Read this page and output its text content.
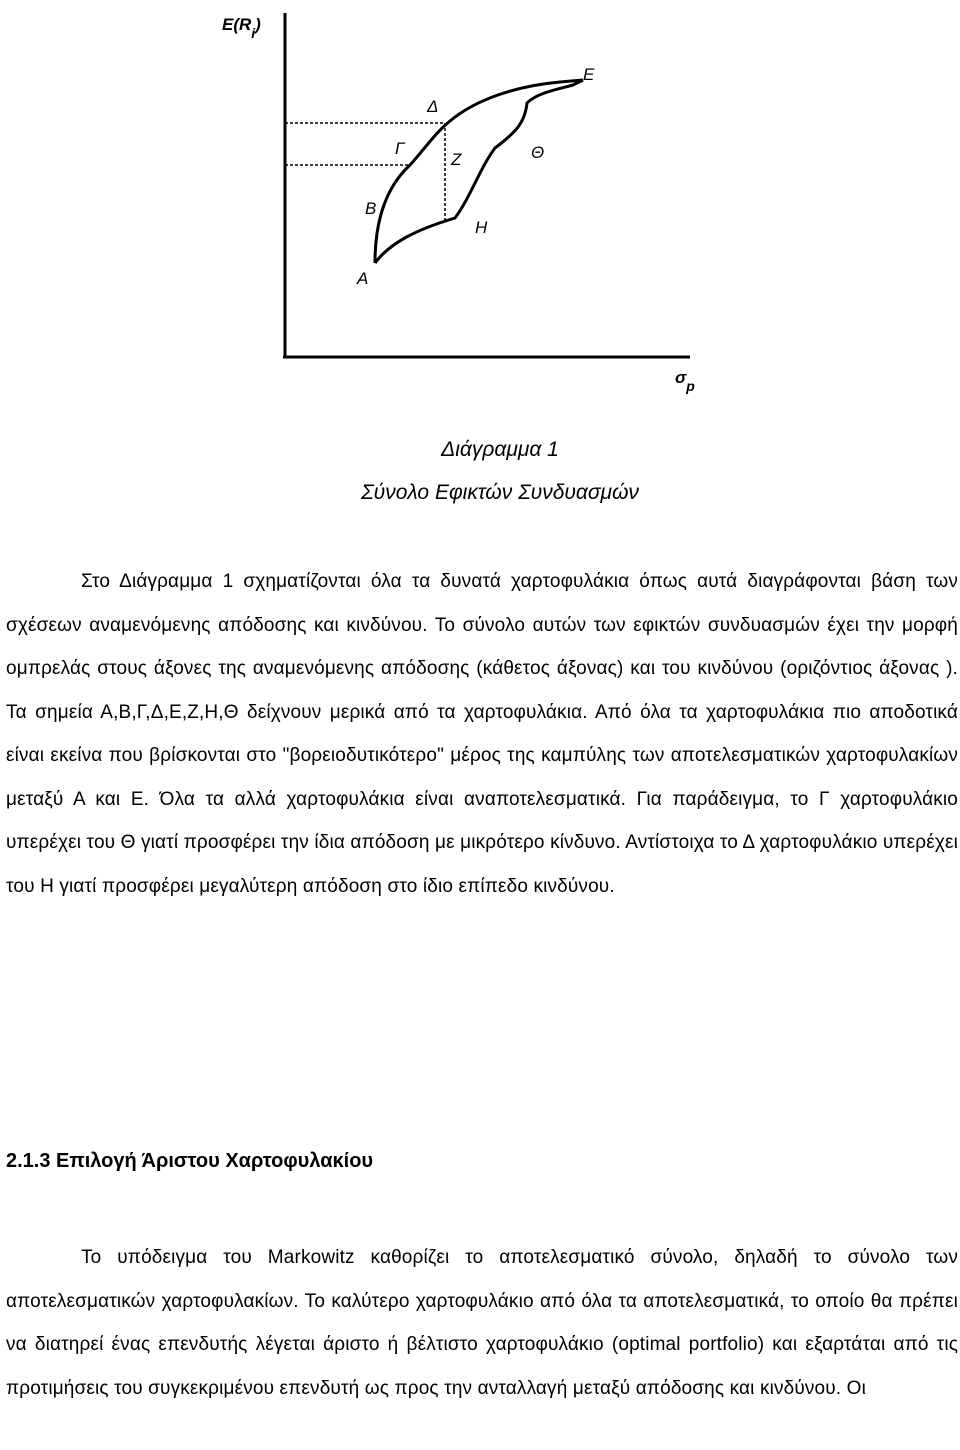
$E(R_i)$
$\sigma_p$
A
B
Γ
Δ
E
Z
H
Θ
Διάγραμμα 1
Σύνολο Εφικτών Συνδυασμών

Στο Διάγραμμα 1 σχηματίζονται όλα τα δυνατά χαρτοφυλάκια όπως αυτά διαγράφονται βάση των σχέσεων αναμενόμενης απόδοσης και κινδύνου. Το σύνολο αυτών των εφικτών συνδυασμών έχει την μορφή ομπρελάς στους άξονες της αναμενόμενης απόδοσης (κάθετος άξονας) και του κινδύνου (οριζόντιος άξονας ). Τα σημεία Α,Β,Γ,Δ,Ε,Ζ,Η,Θ δείχνουν μερικά από τα χαρτοφυλάκια. Από όλα τα χαρτοφυλάκια πιο αποδοτικά είναι εκείνα που βρίσκονται στο "βορειοδυτικότερο" μέρος της καμπύλης των αποτελεσματικών χαρτοφυλακίων μεταξύ Α και Ε. Όλα τα αλλά χαρτοφυλάκια είναι αναποτελεσματικά. Για παράδειγμα, το Γ χαρτοφυλάκιο υπερέχει του Θ γιατί προσφέρει την ίδια απόδοση με μικρότερο κίνδυνο. Αντίστοιχα το Δ χαρτοφυλάκιο υπερέχει του Η γιατί προσφέρει μεγαλύτερη απόδοση στο ίδιο επίπεδο κινδύνου.

2.1.3 Επιλογή Άριστου Χαρτοφυλακίου

Το υπόδειγμα του Markowitz καθορίζει το αποτελεσματικό σύνολο, δηλαδή το σύνολο των αποτελεσματικών χαρτοφυλακίων. Το καλύτερο χαρτοφυλάκιο από όλα τα αποτελεσματικά, το οποίο θα πρέπει να διατηρεί ένας επενδυτής λέγεται άριστο ή βέλτιστο χαρτοφυλάκιο (optimal portfolio) και εξαρτάται από τις προτιμήσεις του συγκεκριμένου επενδυτή ως προς την ανταλλαγή μεταξύ απόδοσης και κινδύνου. Οι
